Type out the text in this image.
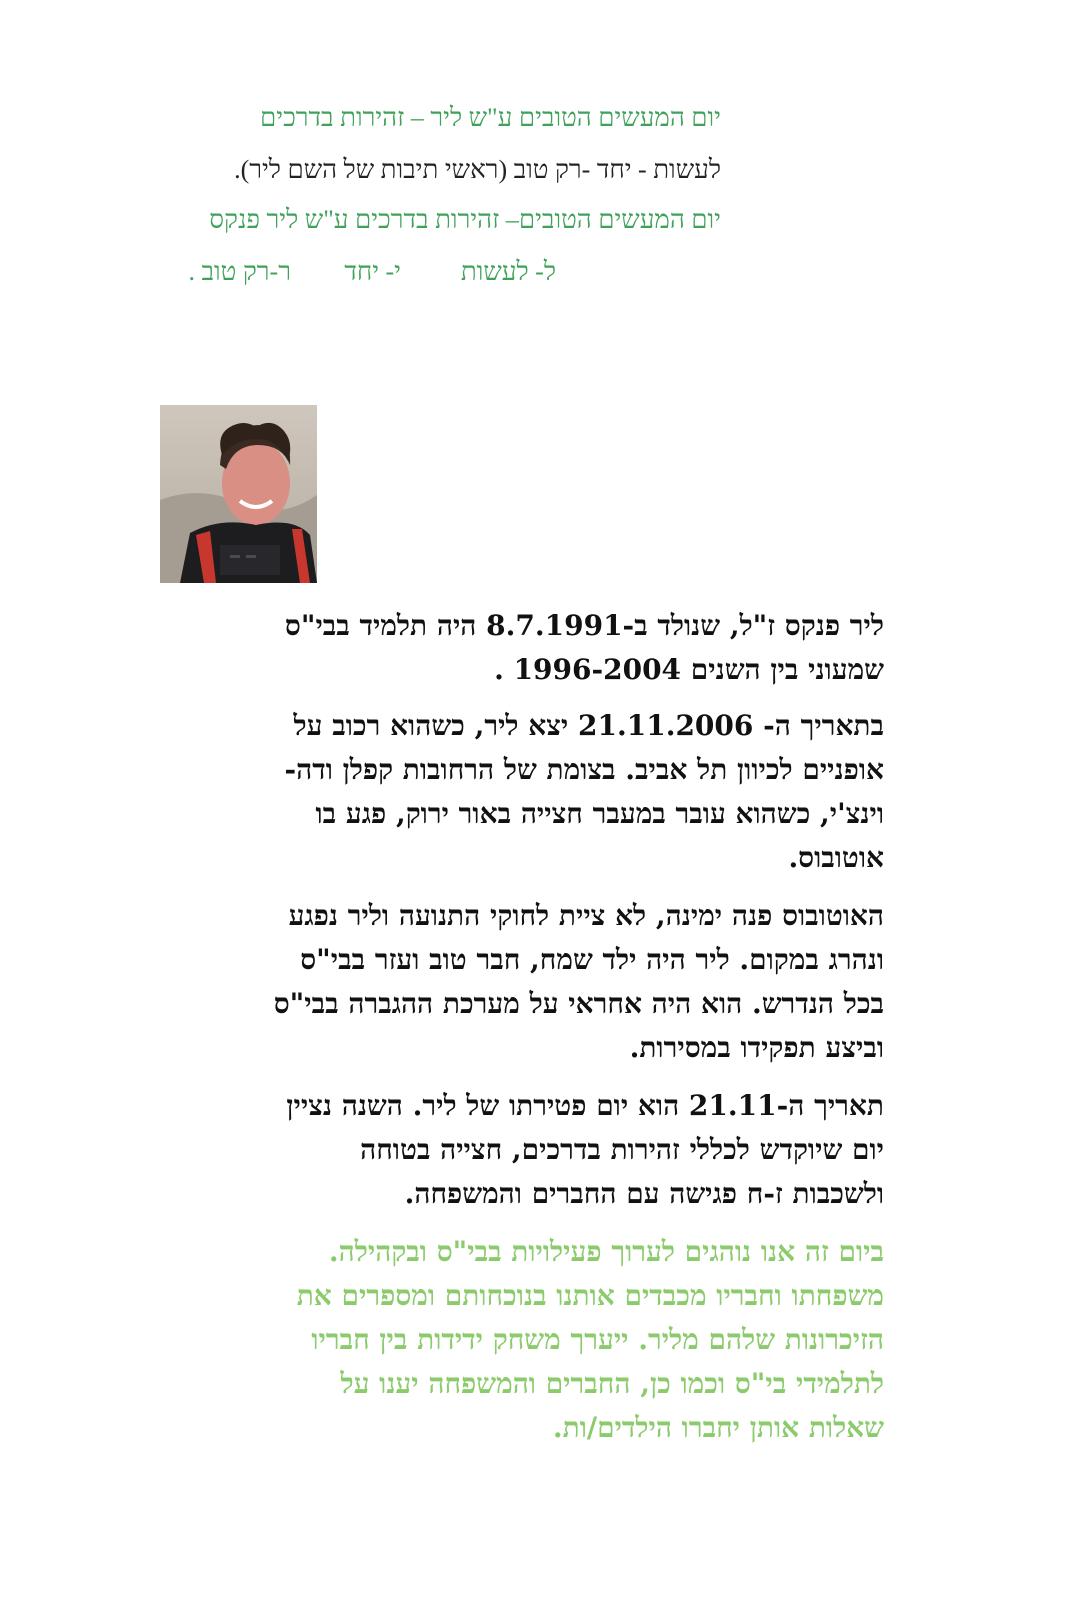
יום המעשים הטובים ע"ש ליר – זהירות בדרכים
לעשות - יחד -רק טוב (ראשי תיבות של השם ליר).
יום המעשים הטובים– זהירות בדרכים ע"ש ליר פנקס
ל- לעשות
י- יחד
ר-רק טוב .
ליר פנקס ז"ל, שנולד ב-8.7.1991 היה תלמיד בבי"ס
שמעוני בין השנים 1996-2004 .
בתאריך ה- 21.11.2006 יצא ליר, כשהוא רכוב על
אופניים לכיוון תל אביב. בצומת של הרחובות קפלן ודה-
וינצ'י, כשהוא עובר במעבר חצייה באור ירוק, פגע בו
אוטובוס.
האוטובוס פנה ימינה, לא ציית לחוקי התנועה וליר נפגע
ונהרג במקום. ליר היה ילד שמח, חבר טוב ועזר בבי"ס
בכל הנדרש. הוא היה אחראי על מערכת ההגברה בבי"ס
וביצע תפקידו במסירות.
תאריך ה-21.11 הוא יום פטירתו של ליר. השנה נציין
יום שיוקדש לכללי זהירות בדרכים, חצייה בטוחה
ולשכבות ז-ח פגישה עם החברים והמשפחה.
ביום זה אנו נוהגים לערוך פעילויות בבי"ס ובקהילה.
משפחתו וחבריו מכבדים אותנו בנוכחותם ומספרים את
הזיכרונות שלהם מליר. ייערך משחק ידידות בין חבריו
לתלמידי בי"ס וכמו כן, החברים והמשפחה יענו על
שאלות אותן יחברו הילדים/ות.
